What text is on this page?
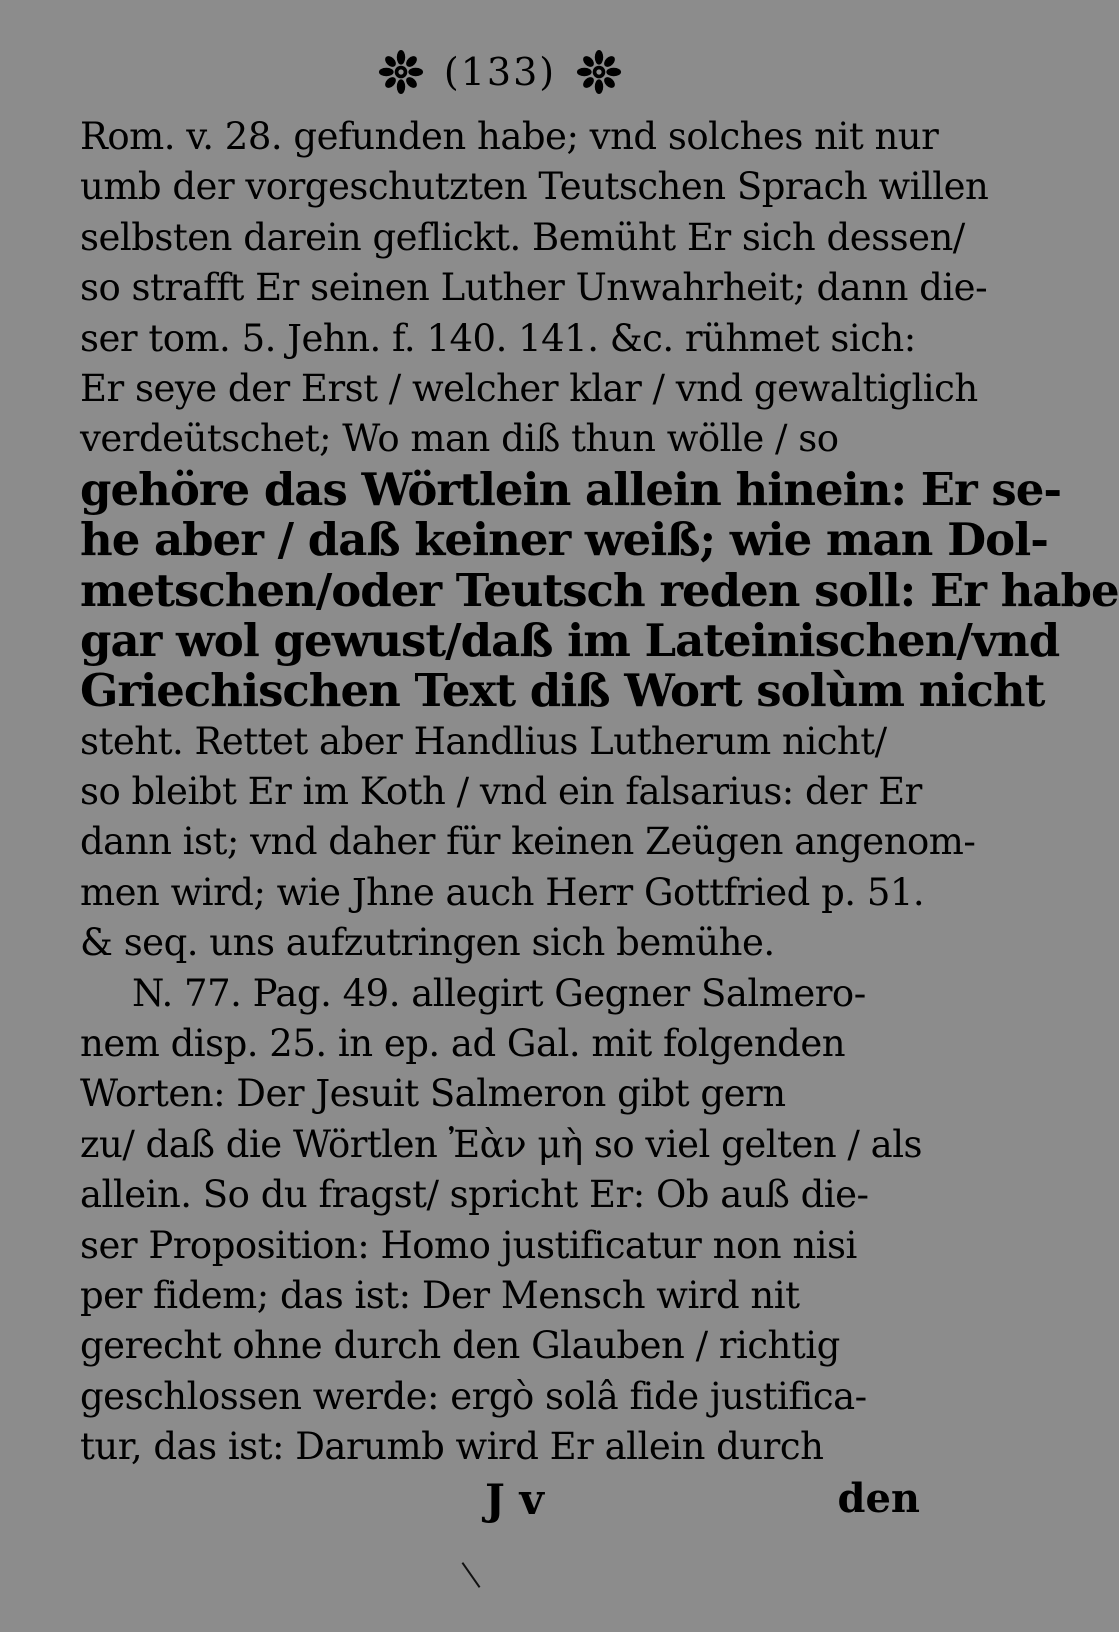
(133)
Rom. v. 28. gefunden habe; vnd solches nit nur
umb der vorgeschutzten Teutschen Sprach willen
selbsten darein geflickt. Bemüht Er sich dessen/
so strafft Er seinen Luther Unwahrheit; dann die-
ser tom. 5. Jehn. f. 140. 141. &c. rühmet sich:
Er seye der Erst / welcher klar / vnd gewaltiglich
verdeütschet; Wo man diß thun wölle / so
gehöre das Wörtlein allein hinein: Er se-
he aber / daß keiner weiß; wie man Dol-
metschen/oder Teutsch reden soll: Er habe
gar wol gewust/daß im Lateinischen/vnd
Griechischen Text diß Wort solùm nicht
steht. Rettet aber Handlius Lutherum nicht/
so bleibt Er im Koth / vnd ein falsarius: der Er
dann ist; vnd daher für keinen Zeügen angenom-
men wird; wie Jhne auch Herr Gottfried p. 51.
& seq. uns aufzutringen sich bemühe.
N. 77. Pag. 49. allegirt Gegner Salmero-
nem disp. 25. in ep. ad Gal. mit folgenden
Worten: Der Jesuit Salmeron gibt gern
zu/ daß die Wörtlen Ἐὰν μὴ so viel gelten / als
allein. So du fragst/ spricht Er: Ob auß die-
ser Proposition: Homo justificatur non nisi
per fidem; das ist: Der Mensch wird nit
gerecht ohne durch den Glauben / richtig
geschlossen werde: ergò solâ fide justifica-
tur, das ist: Darumb wird Er allein durch
J v	den
